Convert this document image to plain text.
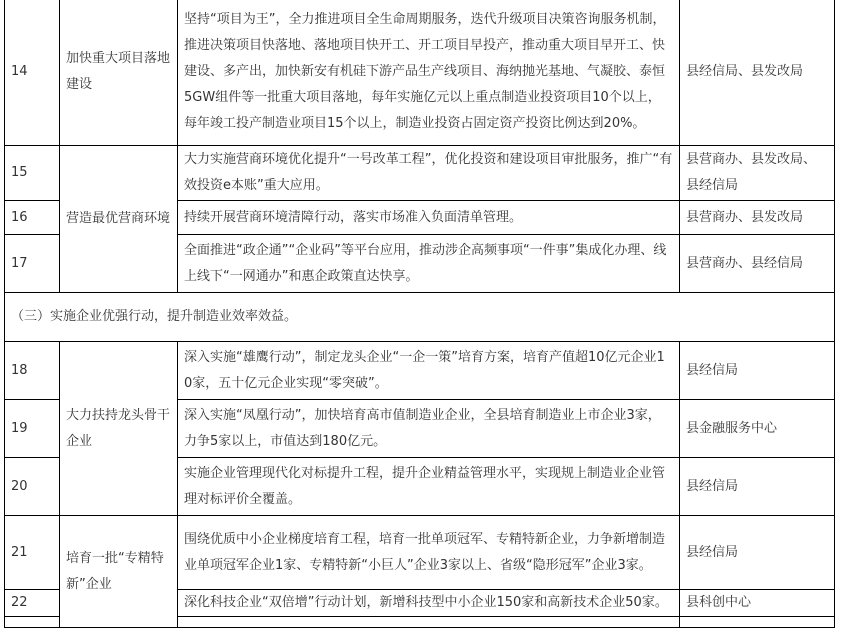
14	加快重大项目落地建设	坚持“项目为王”，全力推进项目全生命周期服务，迭代升级项目决策咨询服务机制，推进决策项目快落地、落地项目快开工、开工项目早投产，推动重大项目早开工、快建设、多产出，加快新安有机硅下游产品生产线项目、海纳抛光基地、气凝胶、泰恒5GW组件等一批重大项目落地，每年实施亿元以上重点制造业投资项目10个以上，每年竣工投产制造业项目15个以上，制造业投资占固定资产投资比例达到20%。	县经信局、县发改局
15	营造最优营商环境	大力实施营商环境优化提升“一号改革工程”，优化投资和建设项目审批服务，推广“有效投资e本账”重大应用。	县营商办、县发改局、县经信局
16		持续开展营商环境清障行动，落实市场准入负面清单管理。	县营商办、县发改局
17		全面推进“政企通”“企业码”等平台应用，推动涉企高频事项“一件事”集成化办理、线上线下“一网通办”和惠企政策直达快享。	县营商办、县经信局
（三）实施企业优强行动，提升制造业效率效益。			
18	大力扶持龙头骨干企业	深入实施“雄鹰行动”，制定龙头企业“一企一策”培育方案，培育产值超10亿元企业10家，五十亿元企业实现“零突破”。	县经信局
19		深入实施“凤凰行动”，加快培育高市值制造业企业，全县培育制造业上市企业3家，力争5家以上，市值达到180亿元。	县金融服务中心
20		实施企业管理现代化对标提升工程，提升企业精益管理水平，实现规上制造业企业管理对标评价全覆盖。	县经信局
21	培育一批“专精特新”企业	围绕优质中小企业梯度培育工程，培育一批单项冠军、专精特新企业，力争新增制造业单项冠军企业1家、专精特新“小巨人”企业3家以上、省级“隐形冠军”企业3家。	县经信局
22		深化科技企业“双倍增”行动计划，新增科技型中小企业150家和高新技术企业50家。	县科创中心
